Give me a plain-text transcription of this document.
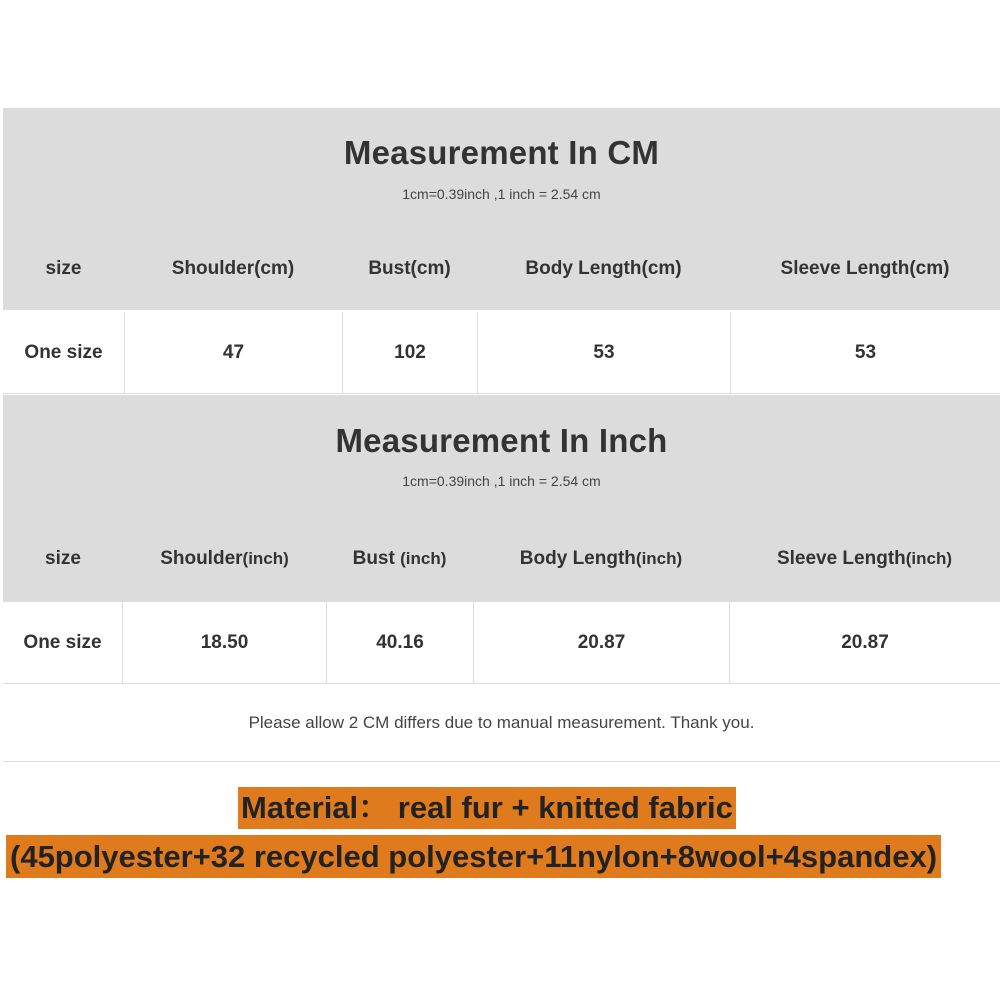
Measurement In CM
1cm=0.39inch ,1 inch = 2.54 cm
size	Shoulder(cm)	Bust(cm)	Body Length(cm)	Sleeve Length(cm)
One size	47	102	53	53
Measurement In Inch
1cm=0.39inch ,1 inch = 2.54 cm
size	Shoulder (inch)	Bust (inch)	Body Length (inch)	Sleeve Length (inch)
One size	18.50	40.16	20.87	20.87
Please allow 2 CM differs due to manual measurement. Thank you.
Material： real fur + knitted fabric
(45polyester+32 recycled polyester+11nylon+8wool+4spandex)
